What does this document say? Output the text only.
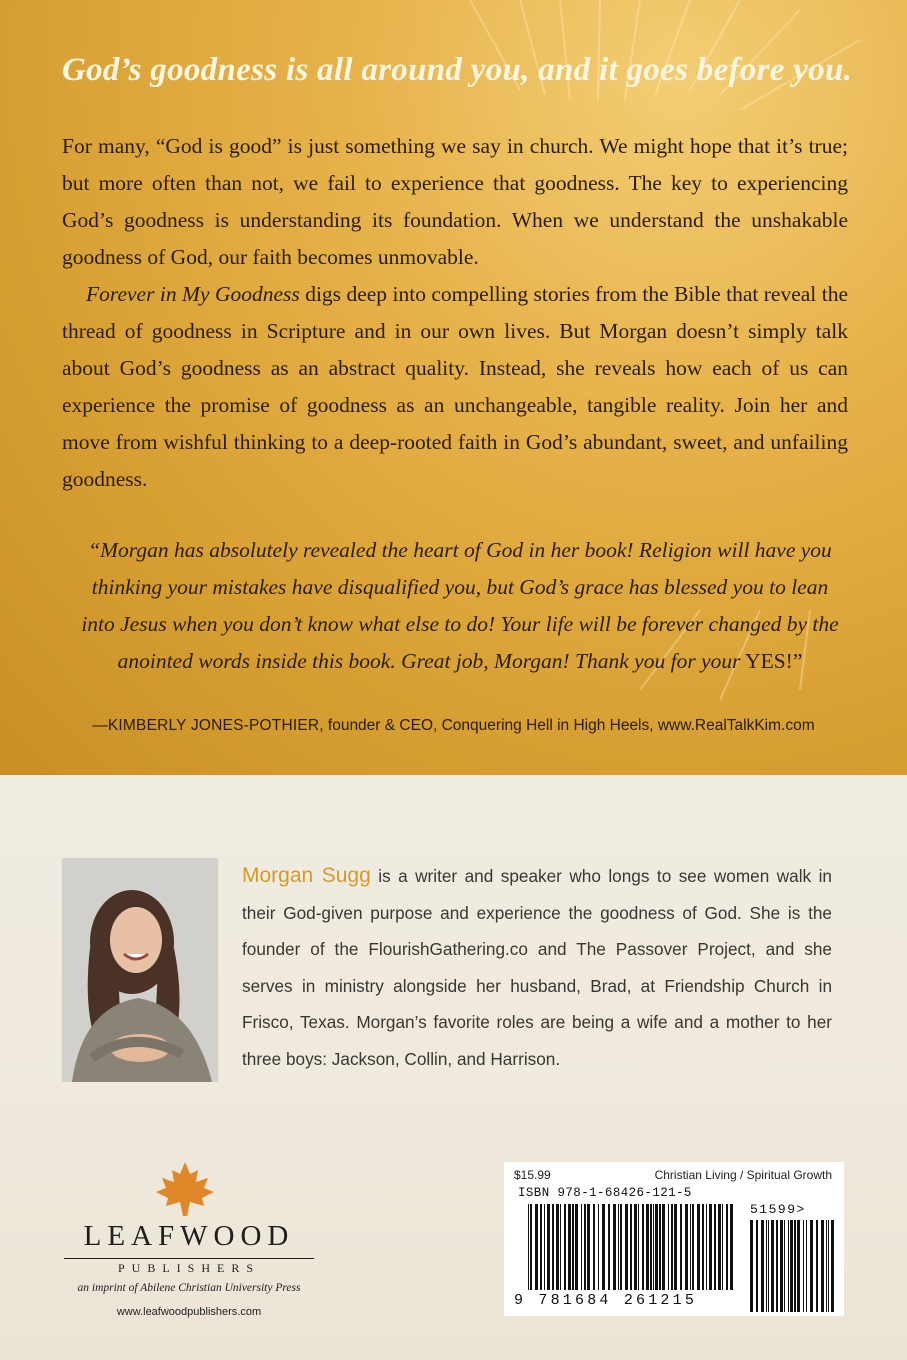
God’s goodness is all around you, and it goes before you.

For many, “God is good” is just something we say in church. We might hope that it’s true; but more often than not, we fail to experience that goodness. The key to experiencing God’s goodness is understanding its foundation. When we understand the unshakable goodness of God, our faith becomes unmovable.

Forever in My Goodness digs deep into compelling stories from the Bible that reveal the thread of goodness in Scripture and in our own lives. But Morgan doesn’t simply talk about God’s goodness as an abstract quality. Instead, she reveals how each of us can experience the promise of goodness as an unchangeable, tangible reality. Join her and move from wishful thinking to a deep-rooted faith in God’s abundant, sweet, and unfailing goodness.

“Morgan has absolutely revealed the heart of God in her book! Religion will have you thinking your mistakes have disqualified you, but God’s grace has blessed you to lean into Jesus when you don’t know what else to do! Your life will be forever changed by the anointed words inside this book. Great job, Morgan! Thank you for your YES!”

—KIMBERLY JONES-POTHIER, founder & CEO, Conquering Hell in High Heels, www.RealTalkKim.com

Morgan Sugg is a writer and speaker who longs to see women walk in their God-given purpose and experience the goodness of God. She is the founder of the FlourishGathering.co and The Passover Project, and she serves in ministry alongside her husband, Brad, at Friendship Church in Frisco, Texas. Morgan’s favorite roles are being a wife and a mother to her three boys: Jackson, Collin, and Harrison.

LEAFWOOD
PUBLISHERS
an imprint of Abilene Christian University Press
www.leafwoodpublishers.com
$15.99	Christian Living / Spiritual Growth
ISBN 978-1-68426-121-5
51599>
9 781684 261215
